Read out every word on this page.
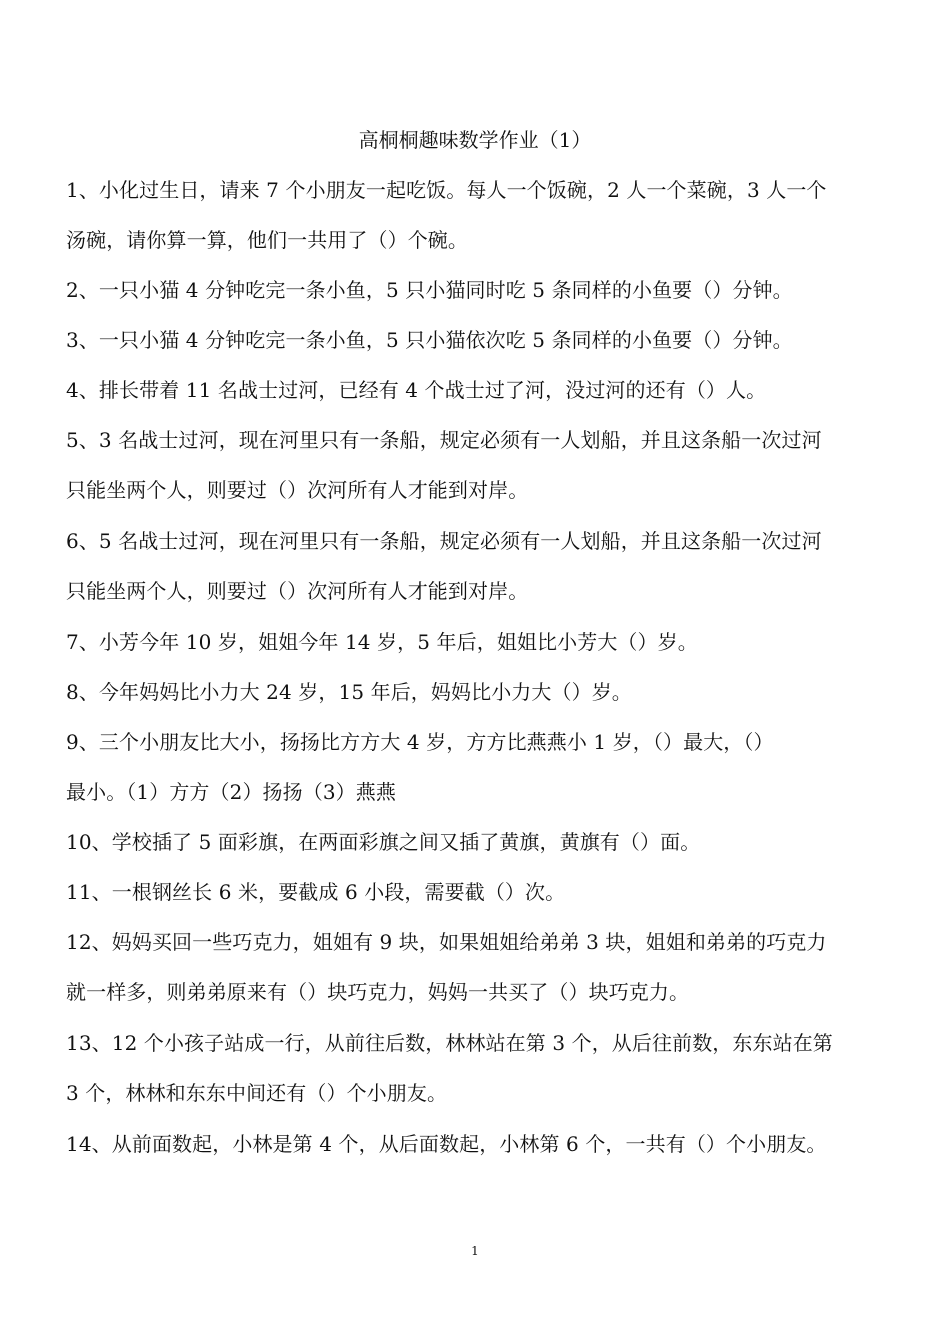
高桐桐趣味数学作业（1）
1、小化过生日，请来 7 个小朋友一起吃饭。每人一个饭碗，2 人一个菜碗，3 人一个
汤碗，请你算一算，他们一共用了（）个碗。
2、一只小猫 4 分钟吃完一条小鱼，5 只小猫同时吃 5 条同样的小鱼要（）分钟。
3、一只小猫 4 分钟吃完一条小鱼，5 只小猫依次吃 5 条同样的小鱼要（）分钟。
4、排长带着 11 名战士过河，已经有 4 个战士过了河，没过河的还有（）人。
5、3 名战士过河，现在河里只有一条船，规定必须有一人划船，并且这条船一次过河
只能坐两个人，则要过（）次河所有人才能到对岸。
6、5 名战士过河，现在河里只有一条船，规定必须有一人划船，并且这条船一次过河
只能坐两个人，则要过（）次河所有人才能到对岸。
7、小芳今年 10 岁，姐姐今年 14 岁，5 年后，姐姐比小芳大（）岁。
8、今年妈妈比小力大 24 岁，15 年后，妈妈比小力大（）岁。
9、三个小朋友比大小，扬扬比方方大 4 岁，方方比燕燕小 1 岁，（）最大，（）
最小。（1）方方（2）扬扬（3）燕燕
10、学校插了 5 面彩旗，在两面彩旗之间又插了黄旗，黄旗有（）面。
11、一根钢丝长 6 米，要截成 6 小段，需要截（）次。
12、妈妈买回一些巧克力，姐姐有 9 块，如果姐姐给弟弟 3 块，姐姐和弟弟的巧克力
就一样多，则弟弟原来有（）块巧克力，妈妈一共买了（）块巧克力。
13、12 个小孩子站成一行，从前往后数，林林站在第 3 个，从后往前数，东东站在第
3 个，林林和东东中间还有（）个小朋友。
14、从前面数起，小林是第 4 个，从后面数起，小林第 6 个，一共有（）个小朋友。
1
